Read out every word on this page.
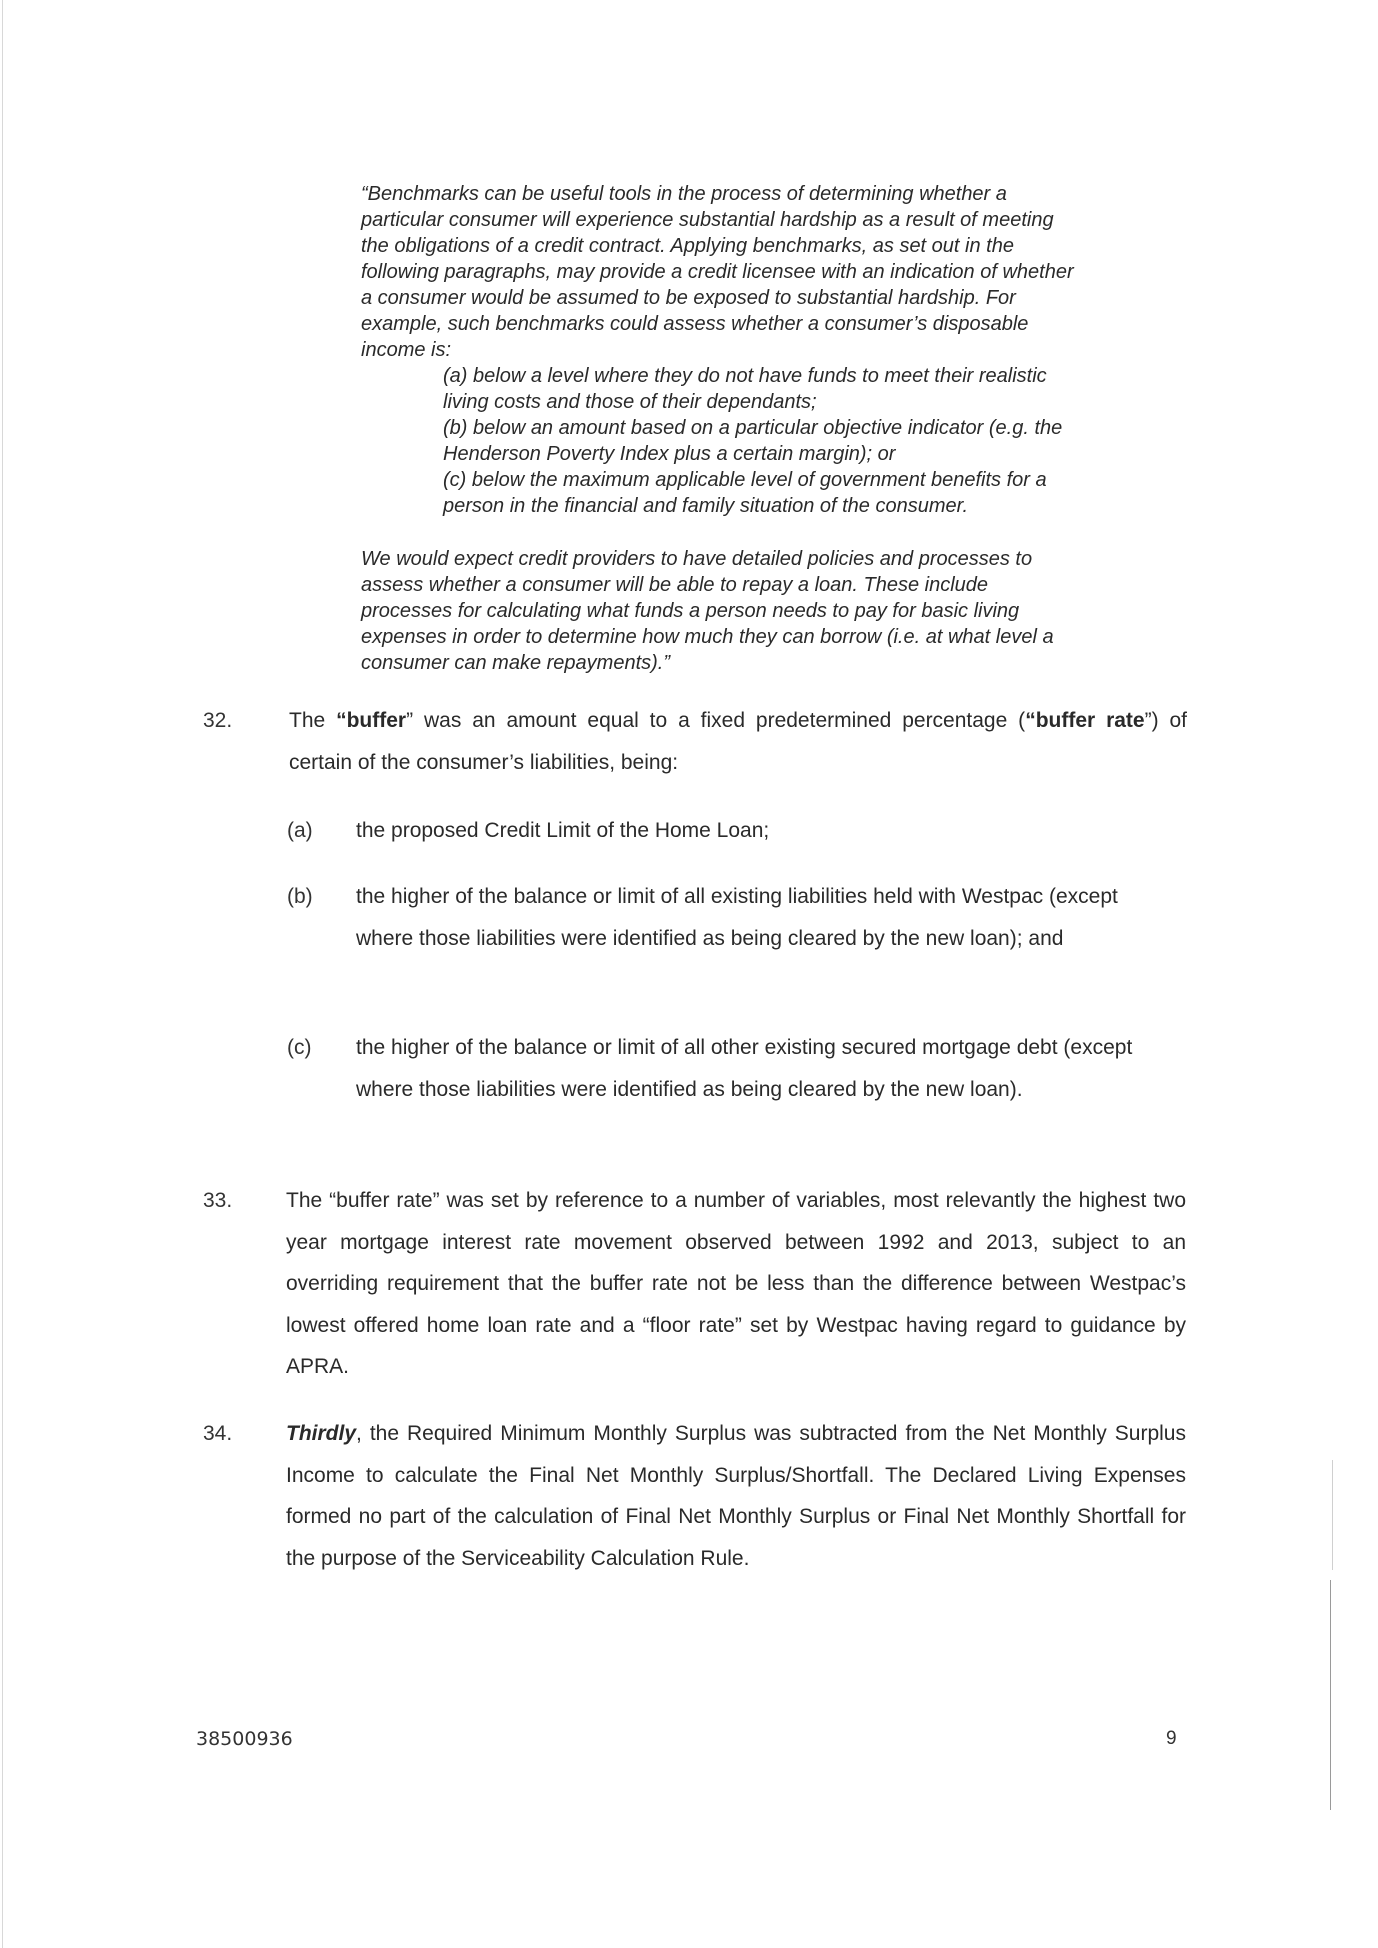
“Benchmarks can be useful tools in the process of determining whether a

particular consumer will experience substantial hardship as a result of meeting

the obligations of a credit contract. Applying benchmarks, as set out in the

following paragraphs, may provide a credit licensee with an indication of whether

a consumer would be assumed to be exposed to substantial hardship. For

example, such benchmarks could assess whether a consumer’s disposable

income is:

(a) below a level where they do not have funds to meet their realistic

living costs and those of their dependants;

(b) below an amount based on a particular objective indicator (e.g. the

Henderson Poverty Index plus a certain margin); or

(c) below the maximum applicable level of government benefits for a

person in the financial and family situation of the consumer.

We would expect credit providers to have detailed policies and processes to

assess whether a consumer will be able to repay a loan. These include

processes for calculating what funds a person needs to pay for basic living

expenses in order to determine how much they can borrow (i.e. at what level a

consumer can make repayments).”

32.	The “buffer” was an amount equal to a fixed predetermined percentage (“buffer rate”) of certain of the consumer’s liabilities, being:
(a) the proposed Credit Limit of the Home Loan;
(b) the higher of the balance or limit of all existing liabilities held with Westpac (except where those liabilities were identified as being cleared by the new loan); and
(c) the higher of the balance or limit of all other existing secured mortgage debt (except where those liabilities were identified as being cleared by the new loan).
33.	The “buffer rate” was set by reference to a number of variables, most relevantly the highest two year mortgage interest rate movement observed between 1992 and 2013, subject to an overriding requirement that the buffer rate not be less than the difference between Westpac’s lowest offered home loan rate and a “floor rate” set by Westpac having regard to guidance by APRA.
34.	Thirdly, the Required Minimum Monthly Surplus was subtracted from the Net Monthly Surplus Income to calculate the Final Net Monthly Surplus/Shortfall. The Declared Living Expenses formed no part of the calculation of Final Net Monthly Surplus or Final Net Monthly Shortfall for the purpose of the Serviceability Calculation Rule.
38500936	9
